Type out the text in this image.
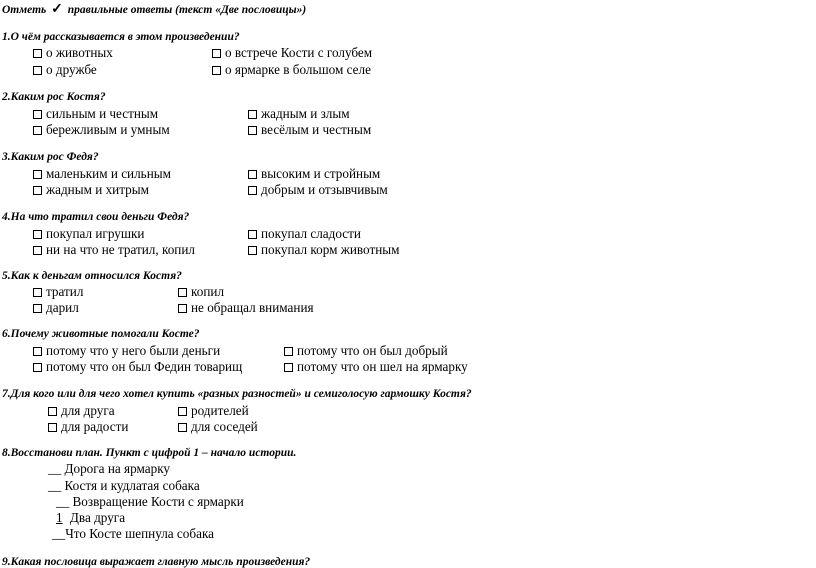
Отметь ✓ правильные ответы (текст «Две пословицы»)
1.О чём рассказывается в этом произведении?
о животных	о встрече Кости с голубем
о дружбе	о ярмарке в большом селе
2.Каким рос Костя?
сильным и честным	жадным и злым
бережливым и умным	весёлым и честным
3.Каким рос Федя?
маленьким и сильным	высоким и стройным
жадным и хитрым	добрым и отзывчивым
4.На что тратил свои деньги Федя?
покупал игрушки	покупал сладости
ни на что не тратил, копил	покупал корм животным
5.Как к деньгам относился Костя?
тратил	копил
дарил	не обращал внимания
6.Почему животные помогали Косте?
потому что у него были деньги	потому что он был добрый
потому что он был Федин товарищ	потому что он шел на ярмарку
7.Для кого или для чего хотел купить «разных разностей» и семиголосую гармошку Костя?
для друга	родителей
для радости	для соседей
8.Восстанови план. Пункт с цифрой 1 – начало истории.
__ Дорога на ярмарку
__ Костя и кудлатая собака
__ Возвращение Кости с ярмарки
1 Два друга
__Что Косте шепнула собака
9.Какая пословица выражает главную мысль произведения?
